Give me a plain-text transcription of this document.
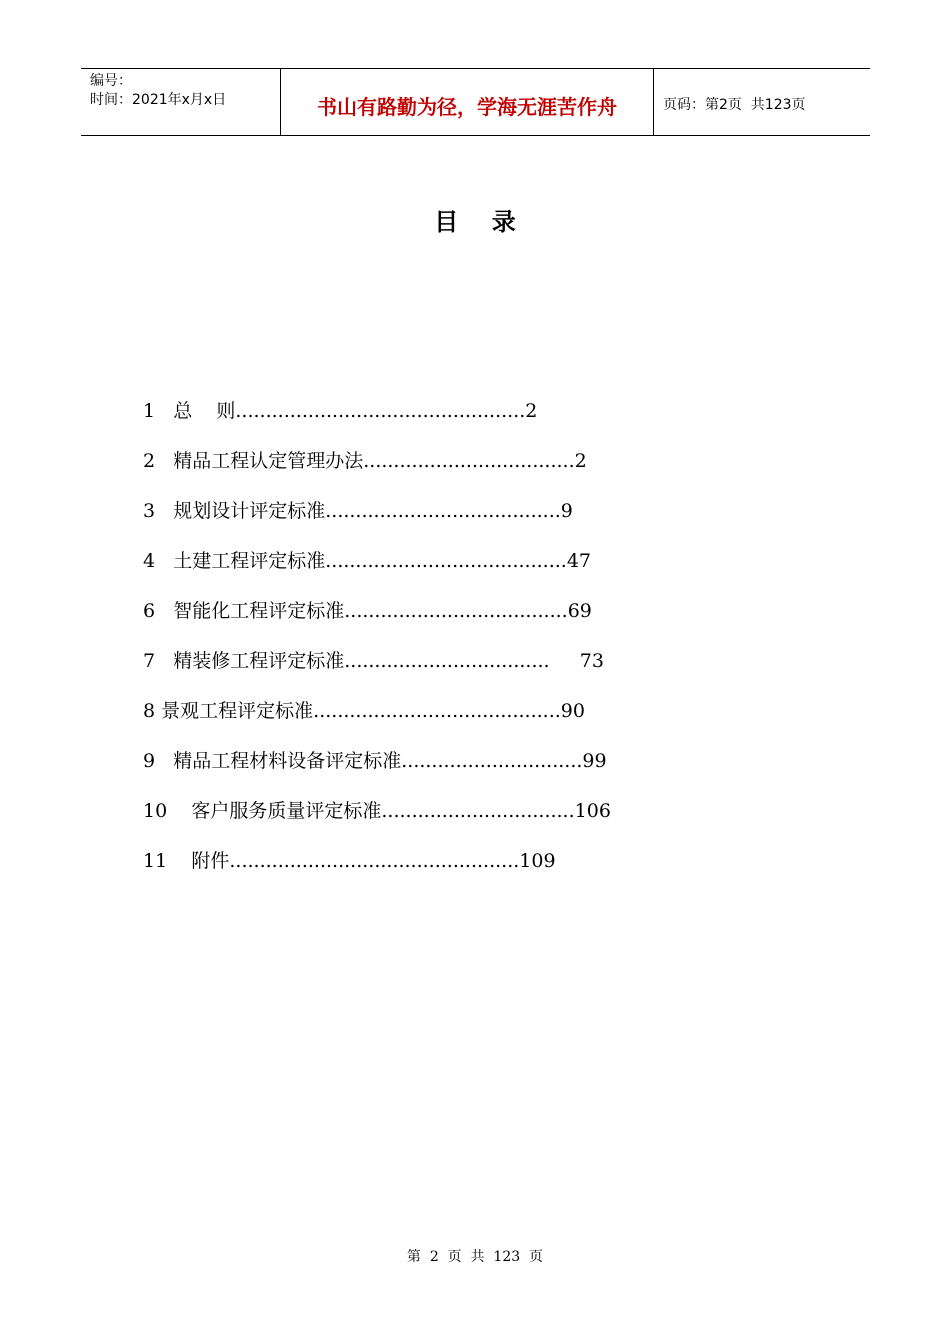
编号：
时间：2021年x月x日	书山有路勤为径，学海无涯苦作舟	页码：第2页  共123页
目    录
1 总    则................................................2
2 精品工程认定管理办法...................................2
3 规划设计评定标准.......................................9
4 土建工程评定标准........................................47
6 智能化工程评定标准.....................................69
7 精装修工程评定标准.................................. 73
8 景观工程评定标准.........................................90
9 精品工程材料设备评定标准..............................99
10 客户服务质量评定标准................................106
11 附件................................................109
第  2  页  共  123  页
